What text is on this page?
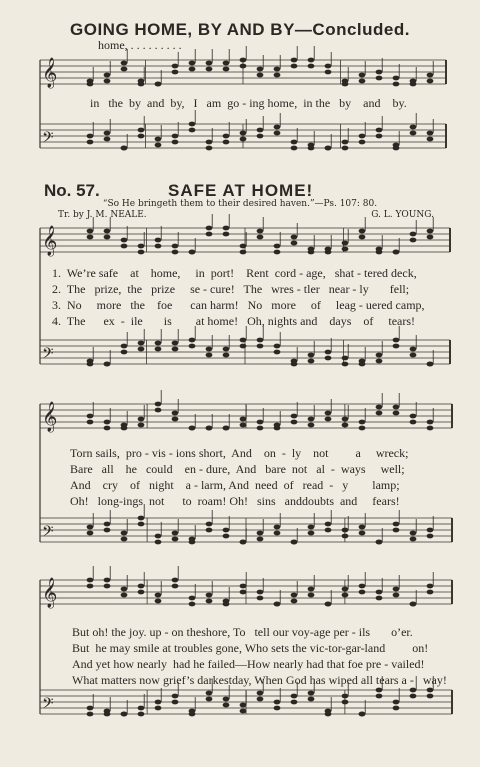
𝄞
𝄢
𝄞
𝄢
𝄞
𝄢
𝄞
𝄢
GOING HOME, BY AND BY—Concluded.
home, . . . . . . . . .
in   the  by  and  by,   I   am  go - ing home,  in the   by    and    by.
No. 57.	SAFE AT HOME!
“So He bringeth them to their desired haven.”—Ps. 107: 80.
Tr. by J. M. NEALE.	G. L. YOUNG.
1.  We’re safe    at    home,     in  port!    Rent  cord - age,   shat - tered deck,
2.  The   prize,  the   prize     se - cure!   The   wres - tler   near - ly       fell;
3.  No     more   the    foe      can harm!   No   more     of     leag - uered camp,
4.  The      ex  -  ile       is        at home!   Oh, nights and    days    of     tears!
Torn sails,  pro - vis - ions short,  And    on  -  ly    not         a     wreck;
Bare   all    he   could    en - dure,  And   bare  not   al  -  ways     well;
And    cry    of   night    a - larm, And  need  of   read  -   y        lamp;
Oh!   long-ings  not      to  roam! Oh!   sins   anddoubts  and     fears!
But oh! the joy. up - on theshore, To   tell our voy-age per - ils       o’er.
But  he may smile at troubles gone, Who sets the vic-tor-gar-land         on!
And yet how nearly  had he failed—How nearly had that foe pre - vailed!
What matters now grief’s darkestday, When God has wiped all tears a -   way!
